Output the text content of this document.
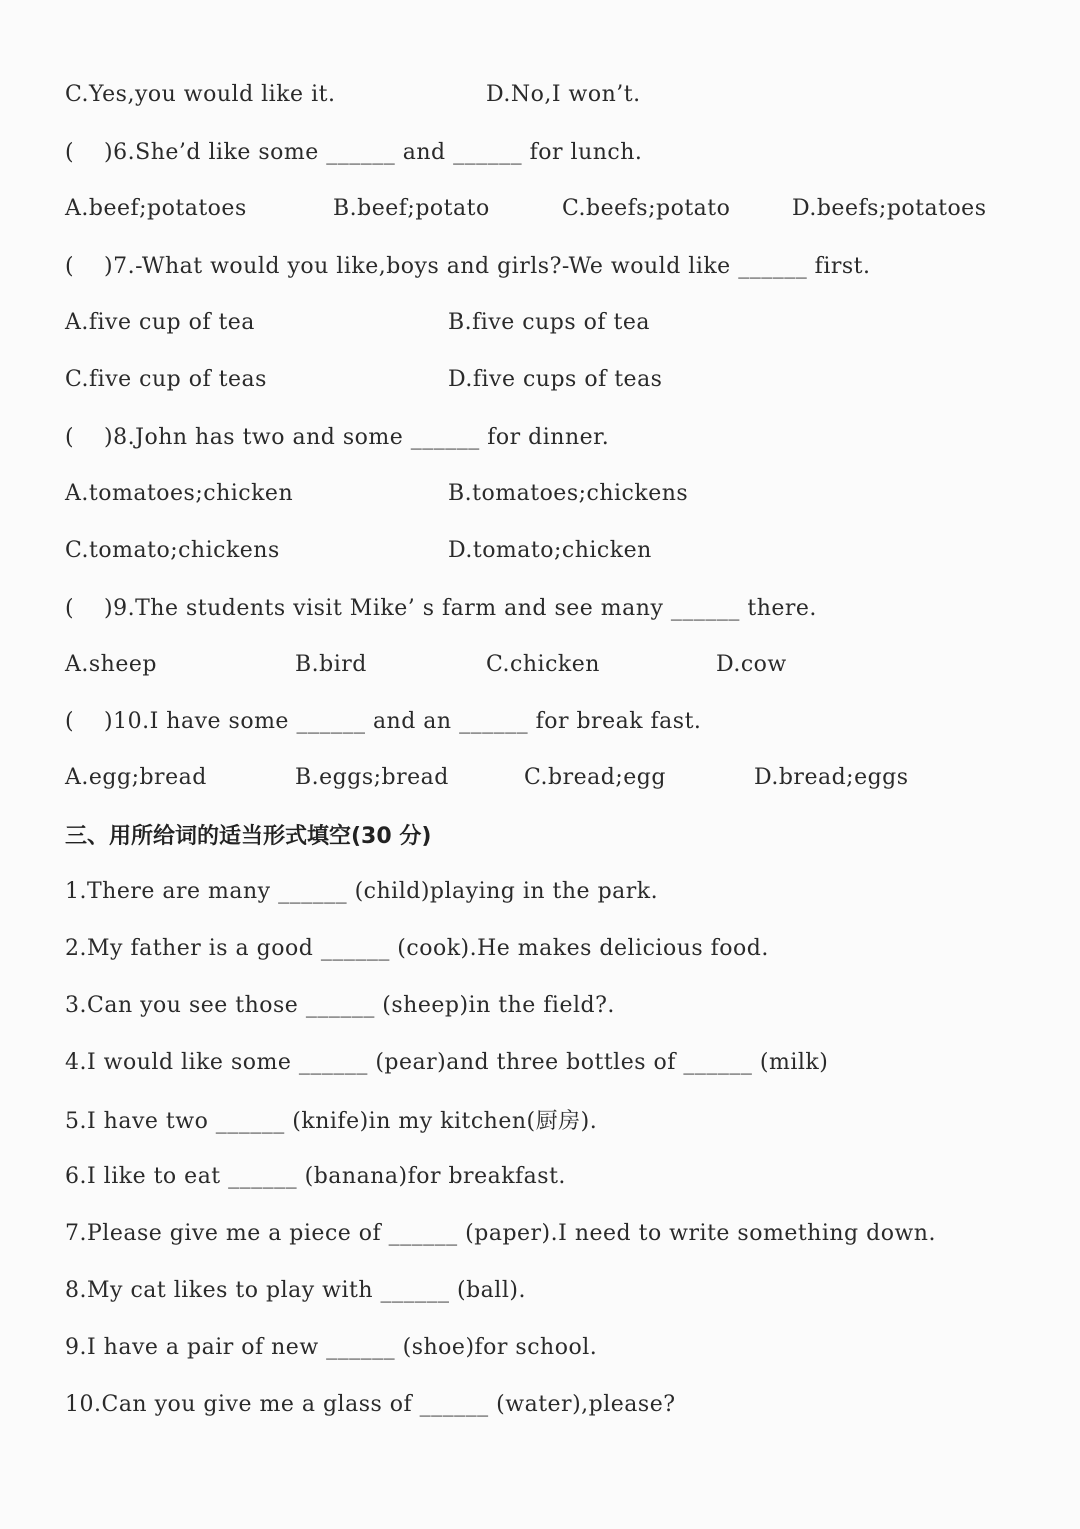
C.Yes,you would like it.	D.No,I won’t.
(    )6.She’d like some ______ and ______ for lunch.
A.beef;potatoes	B.beef;potato	C.beefs;potato	D.beefs;potatoes
(    )7.-What would you like,boys and girls?-We would like ______ first.
A.five cup of tea	B.five cups of tea
C.five cup of teas	D.five cups of teas
(    )8.John has two and some ______ for dinner.
A.tomatoes;chicken	B.tomatoes;chickens
C.tomato;chickens	D.tomato;chicken
(    )9.The students visit Mike’ s farm and see many ______ there.
A.sheep	B.bird	C.chicken	D.cow
(    )10.I have some ______ and an ______ for break fast.
A.egg;bread	B.eggs;bread	C.bread;egg	D.bread;eggs
三、用所给词的适当形式填空(30 分)
1.There are many ______ (child)playing in the park.
2.My father is a good ______ (cook).He makes delicious food.
3.Can you see those ______ (sheep)in the field?.
4.I would like some ______ (pear)and three bottles of ______ (milk)
5.I have two ______ (knife)in my kitchen(厨房).
6.I like to eat ______ (banana)for breakfast.
7.Please give me a piece of ______ (paper).I need to write something down.
8.My cat likes to play with ______ (ball).
9.I have a pair of new ______ (shoe)for school.
10.Can you give me a glass of ______ (water),please?
